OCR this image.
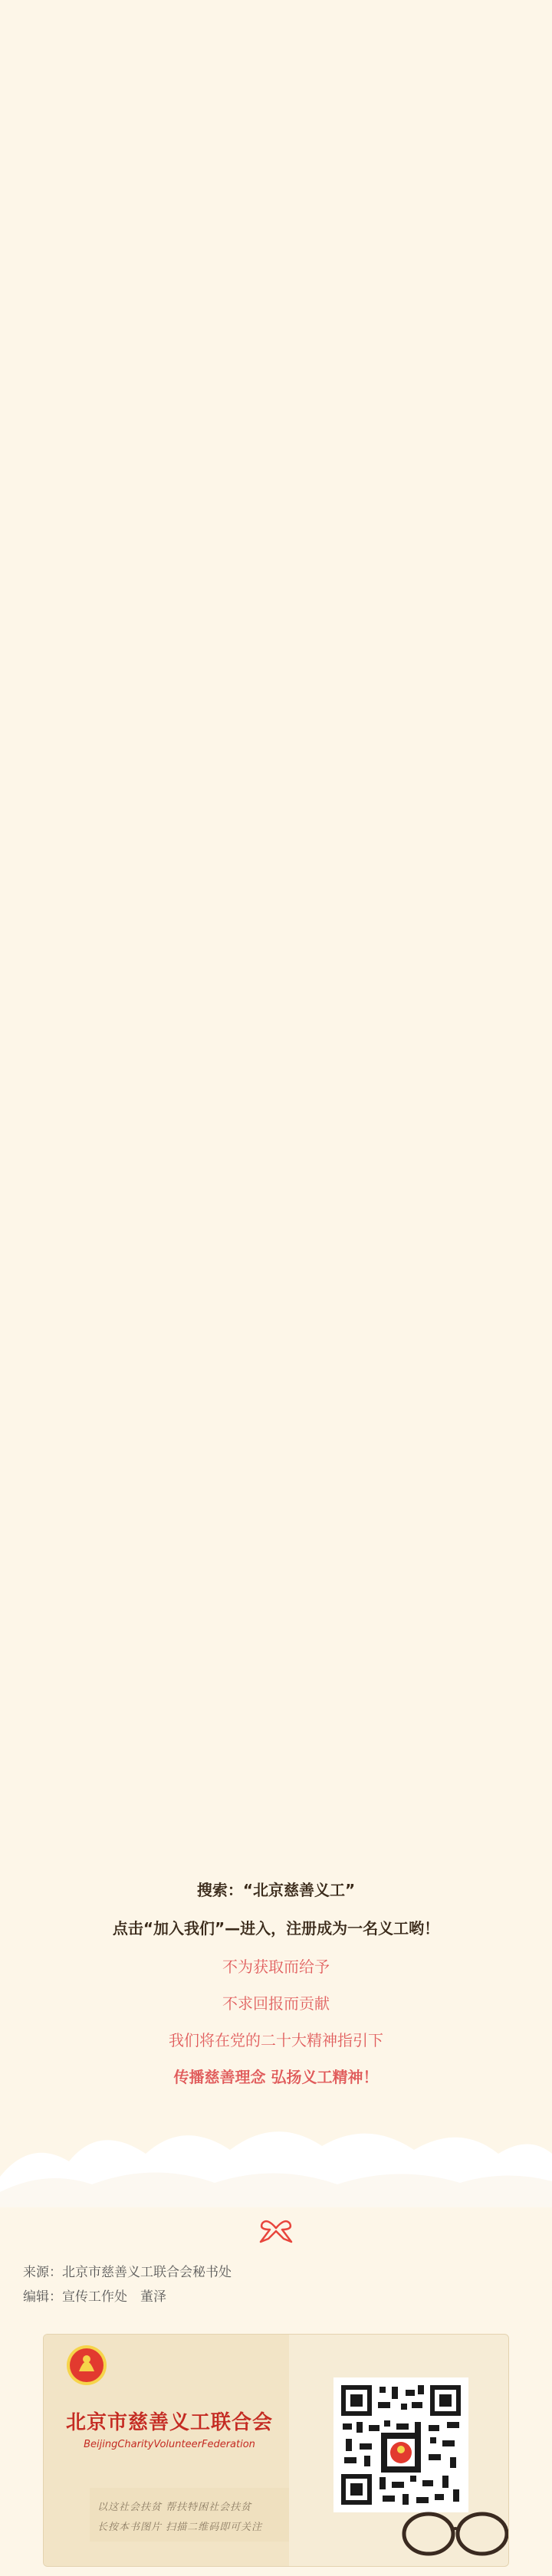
搜索：“北京慈善义工”
点击“加入我们”—进入，注册成为一名义工哟！
不为获取而给予
不求回报而贡献
我们将在党的二十大精神指引下
传播慈善理念 弘扬义工精神！
来源：北京市慈善义工联合会秘书处
编辑：宣传工作处　董泽
北京市慈善义工联合会
BeijingCharityVolunteerFederation
以这社会扶贫 帮扶特困社会扶贫
长按本书图片 扫描二维码即可关注
